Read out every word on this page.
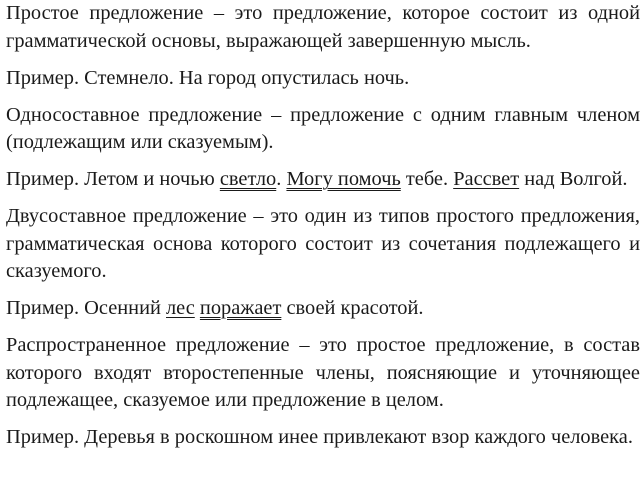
Простое предложение – это предложение, которое состоит из одной грамматической основы, выражающей завершенную мысль.

Пример. Стемнело. На город опустилась ночь.

Односоставное предложение – предложение с одним главным членом (подлежащим или сказуемым).

Пример. Летом и ночью светло. Могу помочь тебе. Рассвет над Волгой.

Двусоставное предложение – это один из типов простого предложения, грамматическая основа которого состоит из сочетания подлежащего и сказуемого.

Пример. Осенний лес поражает своей красотой.

Распространенное предложение – это простое предложение, в состав которого входят второстепенные члены, поясняющие и уточняющее подлежащее, сказуемое или предложение в целом.

Пример. Деревья в роскошном инее привлекают взор каждого человека.
